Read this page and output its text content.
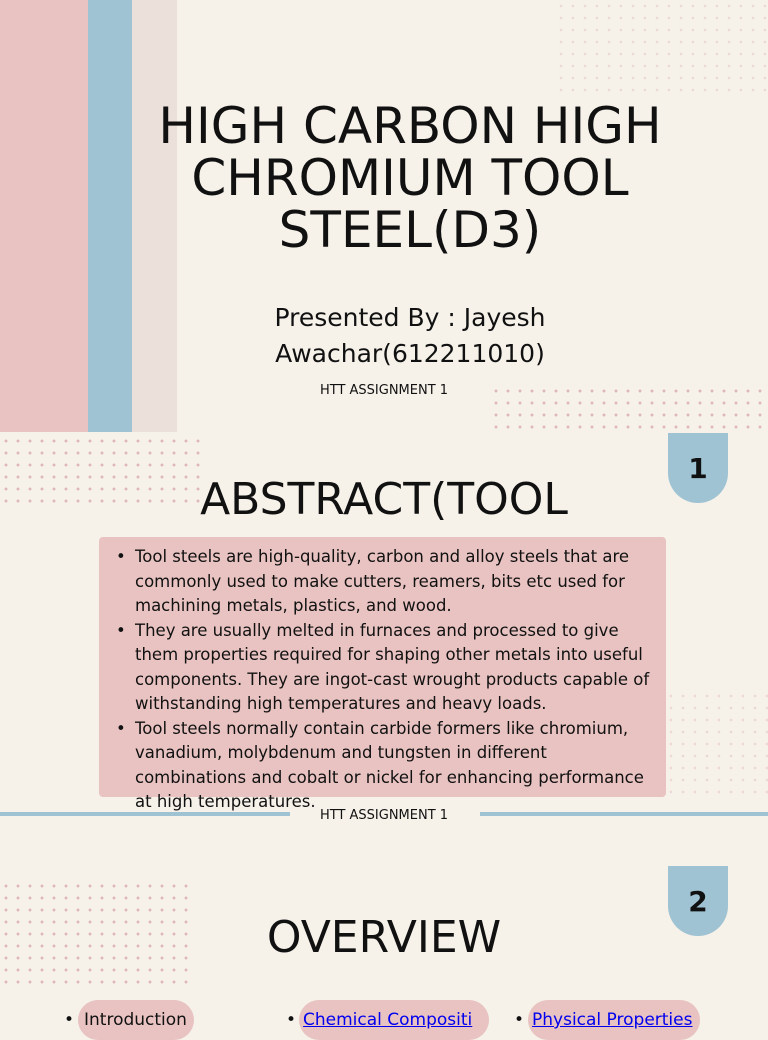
HIGH CARBON HIGH CHROMIUM TOOL STEEL(D3)
Presented By : Jayesh Awachar(612211010)
HTT ASSIGNMENT 1
1
ABSTRACT(TOOL
• Tool steels are high-quality, carbon and alloy steels that are commonly used to make cutters, reamers, bits etc used for machining metals, plastics, and wood.
• They are usually melted in furnaces and processed to give them properties required for shaping other metals into useful components. They are ingot-cast wrought products capable of withstanding high temperatures and heavy loads.
• Tool steels normally contain carbide formers like chromium, vanadium, molybdenum and tungsten in different combinations and cobalt or nickel for enhancing performance at high temperatures.
HTT ASSIGNMENT 1
2
OVERVIEW
• Introduction	• Chemical Compositi	• Physical Properties
